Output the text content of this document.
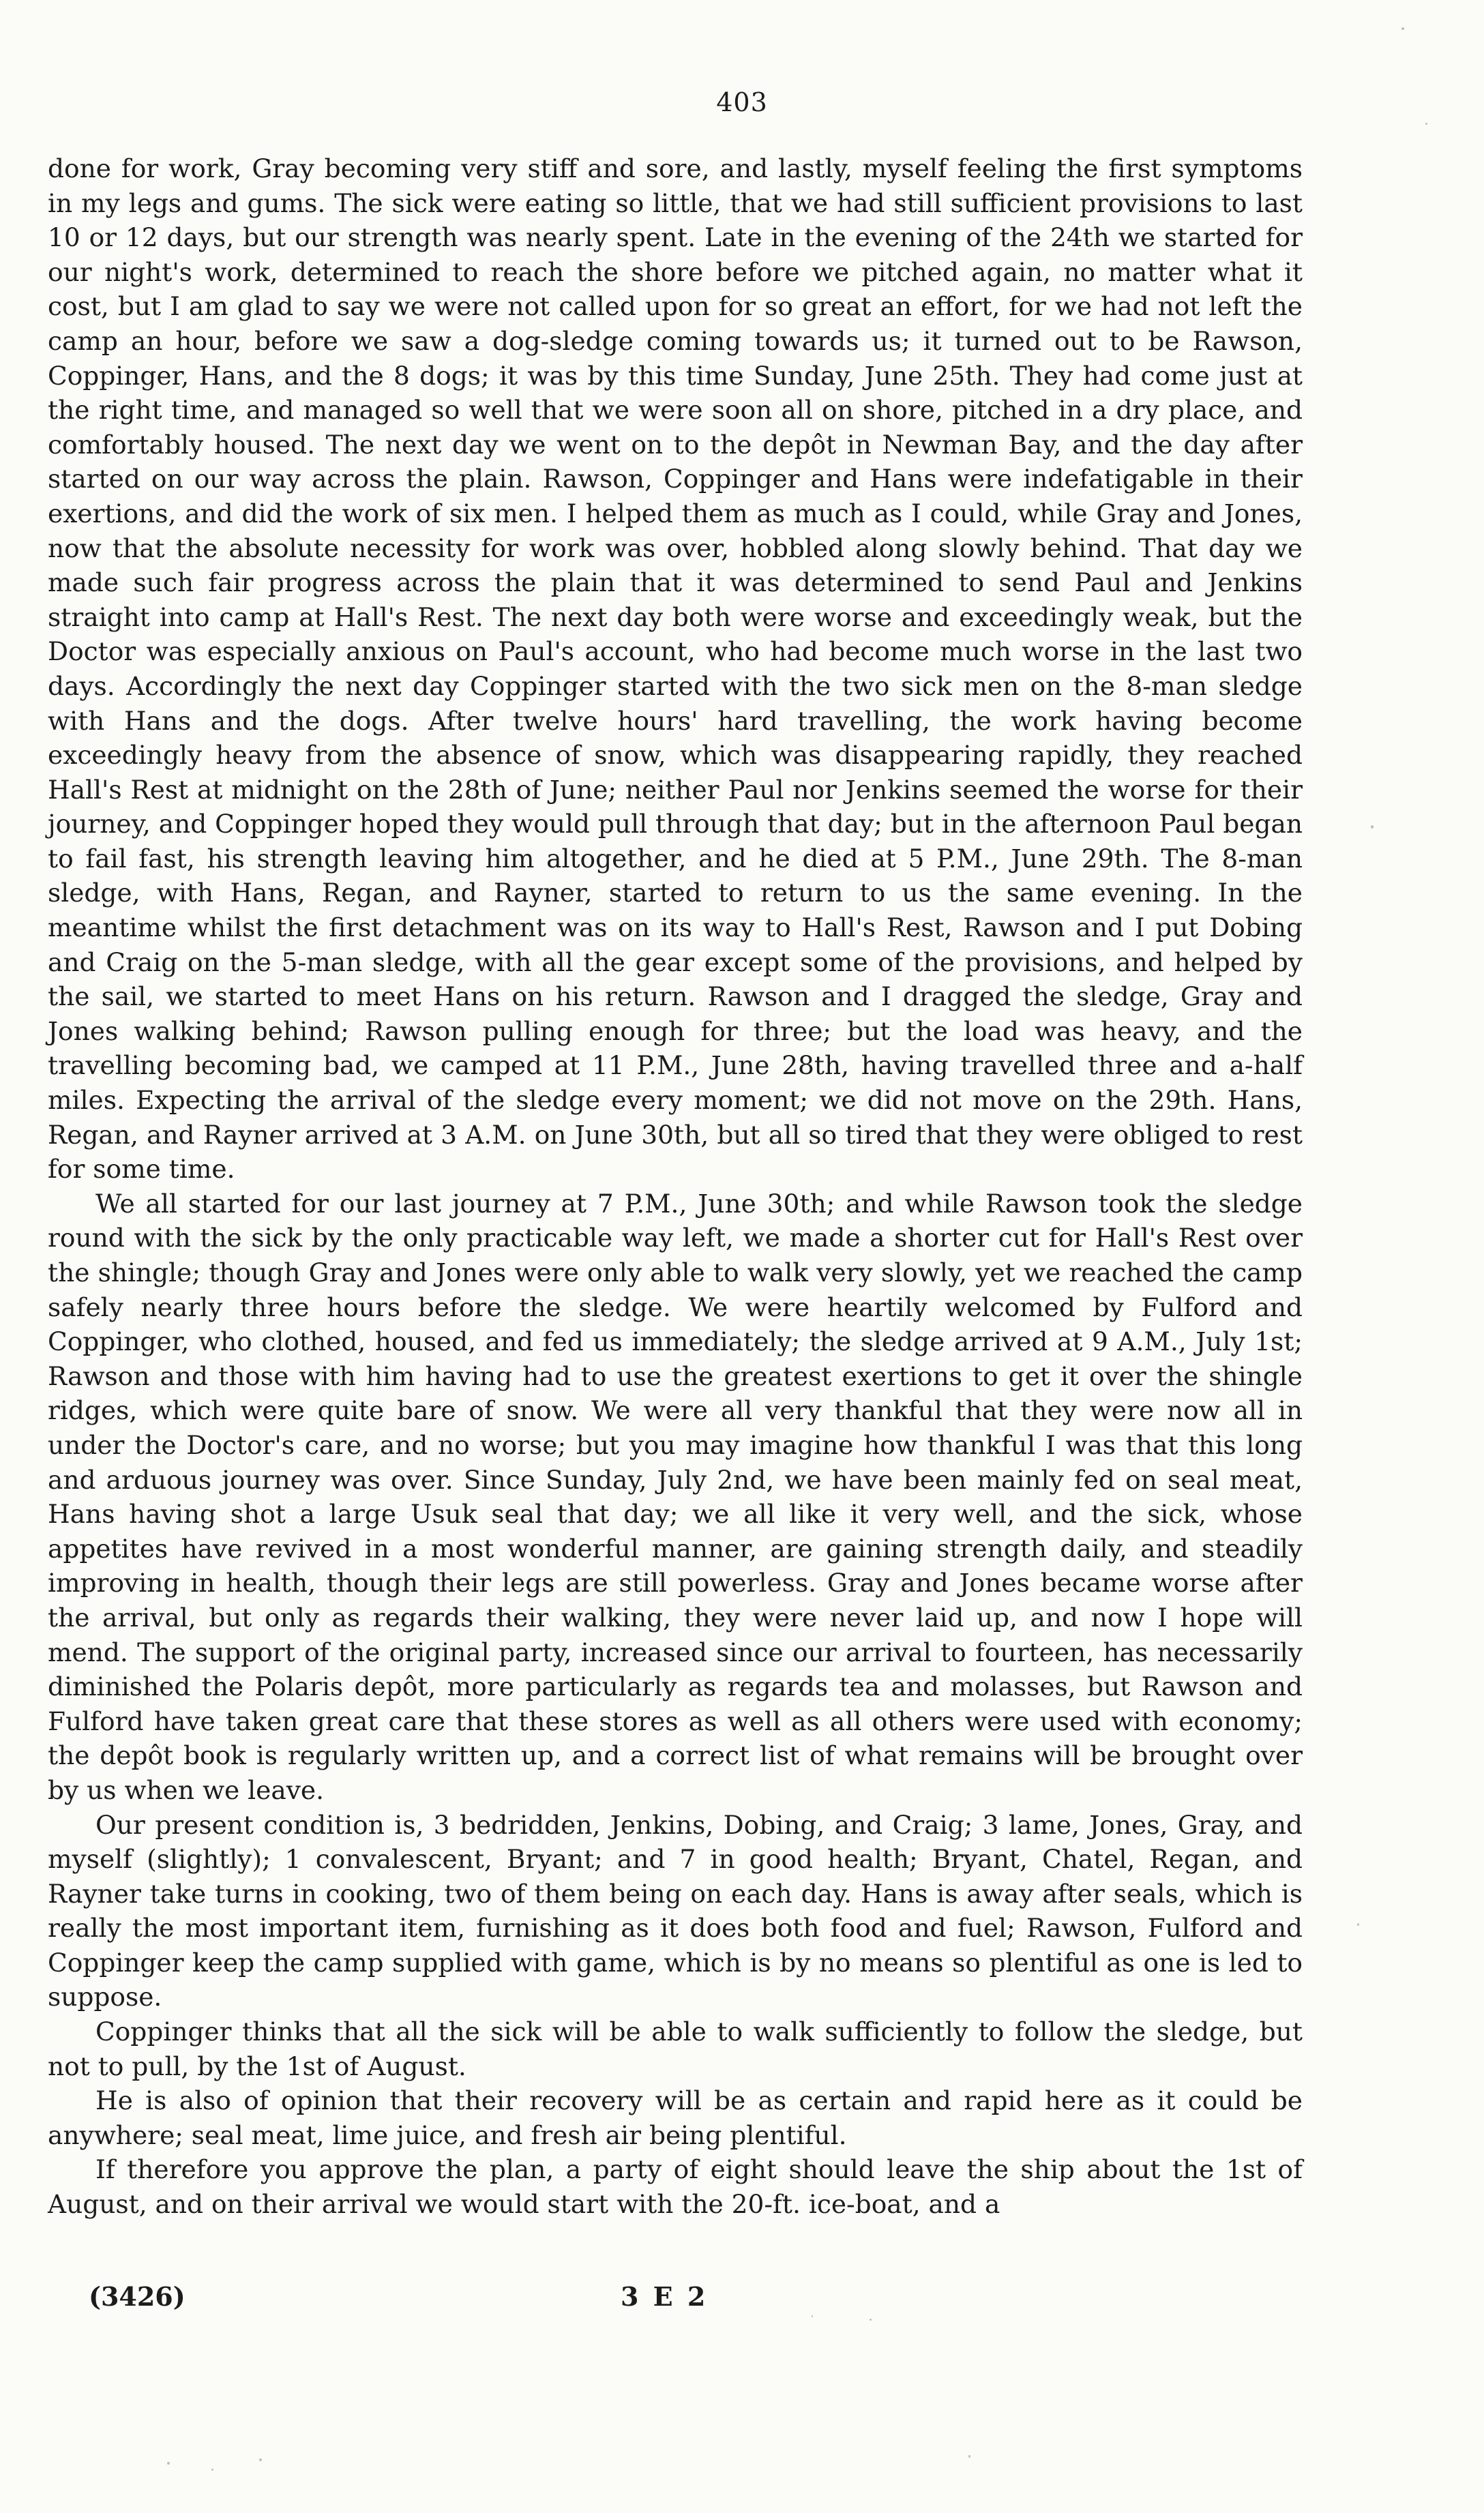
403

done for work, Gray becoming very stiff and sore, and lastly, myself feeling the first symptoms in my legs and gums. The sick were eating so little, that we had still sufficient provisions to last 10 or 12 days, but our strength was nearly spent. Late in the evening of the 24th we started for our night's work, determined to reach the shore before we pitched again, no matter what it cost, but I am glad to say we were not called upon for so great an effort, for we had not left the camp an hour, before we saw a dog-sledge coming towards us; it turned out to be Rawson, Coppinger, Hans, and the 8 dogs; it was by this time Sunday, June 25th. They had come just at the right time, and managed so well that we were soon all on shore, pitched in a dry place, and comfortably housed. The next day we went on to the depôt in Newman Bay, and the day after started on our way across the plain. Rawson, Coppinger and Hans were indefatigable in their exertions, and did the work of six men. I helped them as much as I could, while Gray and Jones, now that the absolute necessity for work was over, hobbled along slowly behind. That day we made such fair progress across the plain that it was determined to send Paul and Jenkins straight into camp at Hall's Rest. The next day both were worse and exceedingly weak, but the Doctor was especially anxious on Paul's account, who had become much worse in the last two days. Accordingly the next day Coppinger started with the two sick men on the 8-man sledge with Hans and the dogs. After twelve hours' hard travelling, the work having become exceedingly heavy from the absence of snow, which was disappearing rapidly, they reached Hall's Rest at midnight on the 28th of June; neither Paul nor Jenkins seemed the worse for their journey, and Coppinger hoped they would pull through that day; but in the afternoon Paul began to fail fast, his strength leaving him altogether, and he died at 5 P.M., June 29th. The 8-man sledge, with Hans, Regan, and Rayner, started to return to us the same evening. In the meantime whilst the first detachment was on its way to Hall's Rest, Rawson and I put Dobing and Craig on the 5-man sledge, with all the gear except some of the provisions, and helped by the sail, we started to meet Hans on his return. Rawson and I dragged the sledge, Gray and Jones walking behind; Rawson pulling enough for three; but the load was heavy, and the travelling becoming bad, we camped at 11 P.M., June 28th, having travelled three and a-half miles. Expecting the arrival of the sledge every moment; we did not move on the 29th. Hans, Regan, and Rayner arrived at 3 A.M. on June 30th, but all so tired that they were obliged to rest for some time.

We all started for our last journey at 7 P.M., June 30th; and while Rawson took the sledge round with the sick by the only practicable way left, we made a shorter cut for Hall's Rest over the shingle; though Gray and Jones were only able to walk very slowly, yet we reached the camp safely nearly three hours before the sledge. We were heartily welcomed by Fulford and Coppinger, who clothed, housed, and fed us immediately; the sledge arrived at 9 A.M., July 1st; Rawson and those with him having had to use the greatest exertions to get it over the shingle ridges, which were quite bare of snow. We were all very thankful that they were now all in under the Doctor's care, and no worse; but you may imagine how thankful I was that this long and arduous journey was over. Since Sunday, July 2nd, we have been mainly fed on seal meat, Hans having shot a large Usuk seal that day; we all like it very well, and the sick, whose appetites have revived in a most wonderful manner, are gaining strength daily, and steadily improving in health, though their legs are still powerless. Gray and Jones became worse after the arrival, but only as regards their walking, they were never laid up, and now I hope will mend. The support of the original party, increased since our arrival to fourteen, has necessarily diminished the Polaris depôt, more particularly as regards tea and molasses, but Rawson and Fulford have taken great care that these stores as well as all others were used with economy; the depôt book is regularly written up, and a correct list of what remains will be brought over by us when we leave.

Our present condition is, 3 bedridden, Jenkins, Dobing, and Craig; 3 lame, Jones, Gray, and myself (slightly); 1 convalescent, Bryant; and 7 in good health; Bryant, Chatel, Regan, and Rayner take turns in cooking, two of them being on each day. Hans is away after seals, which is really the most important item, furnishing as it does both food and fuel; Rawson, Fulford and Coppinger keep the camp supplied with game, which is by no means so plentiful as one is led to suppose.

Coppinger thinks that all the sick will be able to walk sufficiently to follow the sledge, but not to pull, by the 1st of August.

He is also of opinion that their recovery will be as certain and rapid here as it could be anywhere; seal meat, lime juice, and fresh air being plentiful.

If therefore you approve the plan, a party of eight should leave the ship about the 1st of August, and on their arrival we would start with the 20-ft. ice-boat, and a

(3426)	3 E 2
